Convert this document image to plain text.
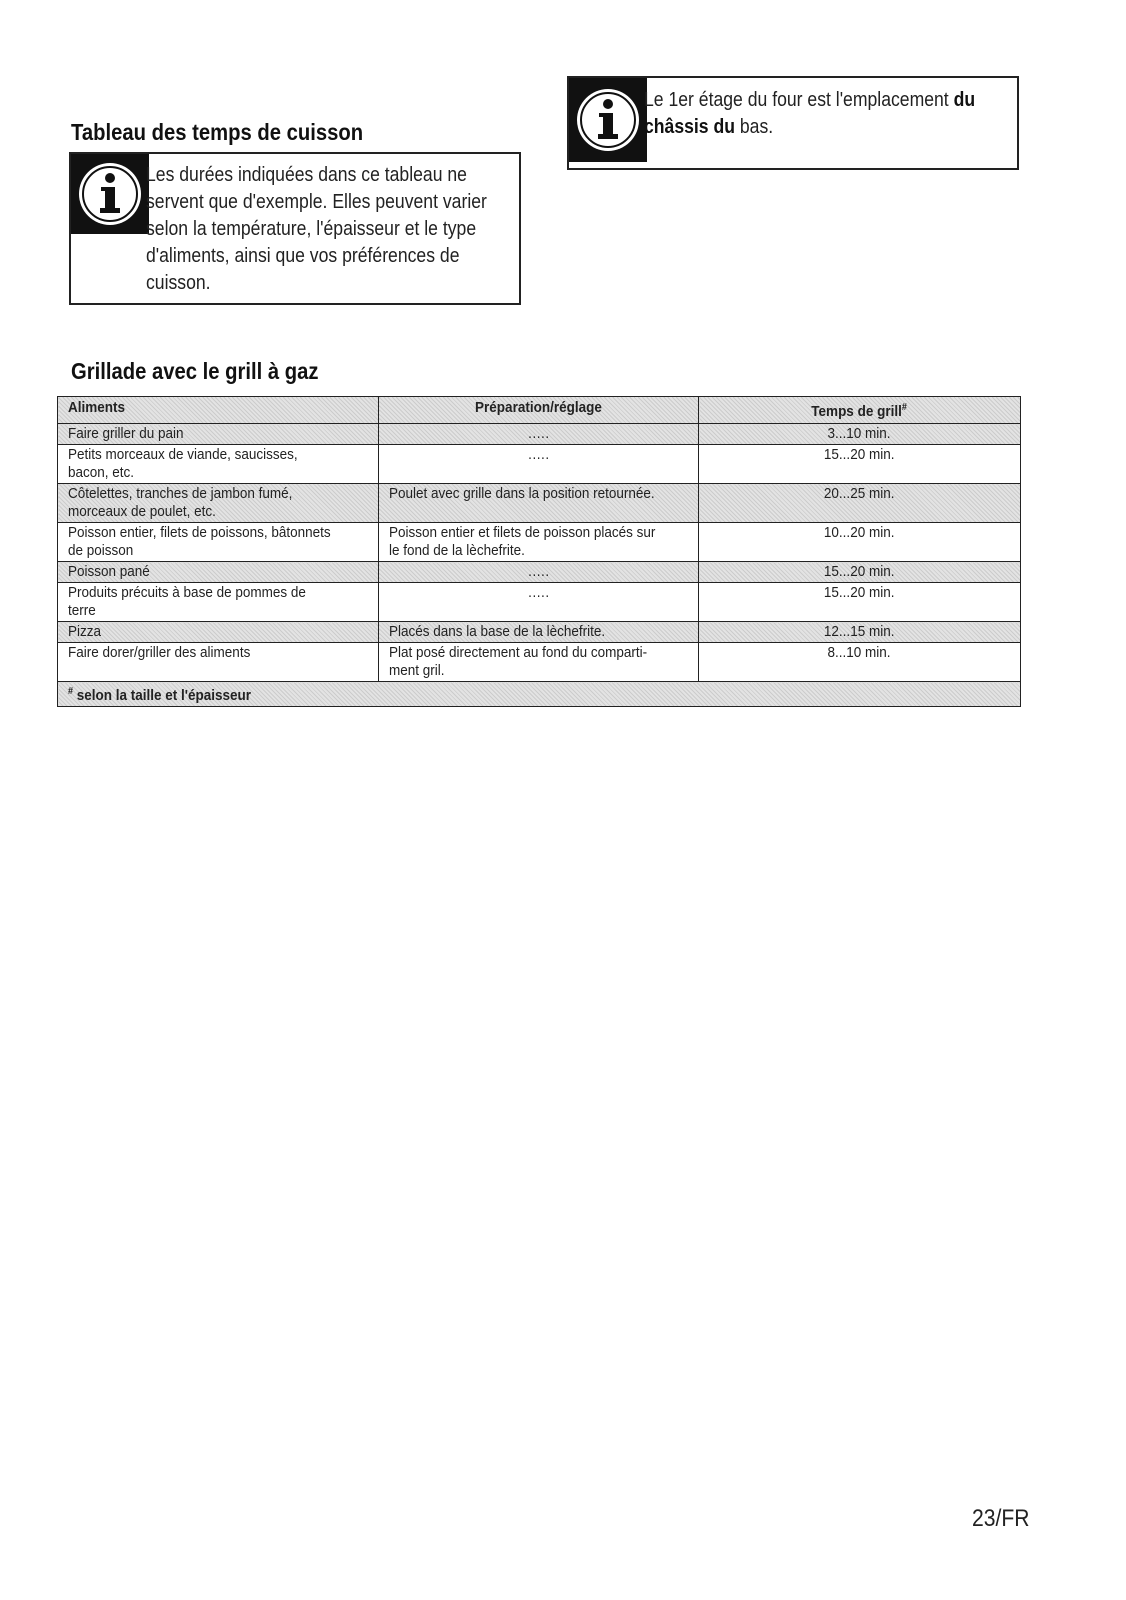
Tableau des temps de cuisson
Les durées indiquées dans ce tableau ne
servent que d'exemple. Elles peuvent varier
selon la température, l'épaisseur et le type
d'aliments, ainsi que vos préférences de
cuisson.
Le 1er étage du four est l'emplacement du
châssis du bas.
Grillade avec le grill à gaz
Aliments	Préparation/réglage	Temps de grill#
Faire griller du pain	.….	3...10 min.
Petits morceaux de viande, saucisses,
bacon, etc.	.….	15...20 min.
Côtelettes, tranches de jambon fumé,
morceaux de poulet, etc.	Poulet avec grille dans la position retournée.	20...25 min.
Poisson entier, filets de poissons, bâtonnets
de poisson	Poisson entier et filets de poisson placés sur
le fond de la lèchefrite.	10...20 min.
Poisson pané	.….	15...20 min.
Produits précuits à base de pommes de
terre	.….	15...20 min.
Pizza	Placés dans la base de la lèchefrite.	12...15 min.
Faire dorer/griller des aliments	Plat posé directement au fond du comparti-
ment gril.	8...10 min.
# selon la taille et l'épaisseur		

23/FR
